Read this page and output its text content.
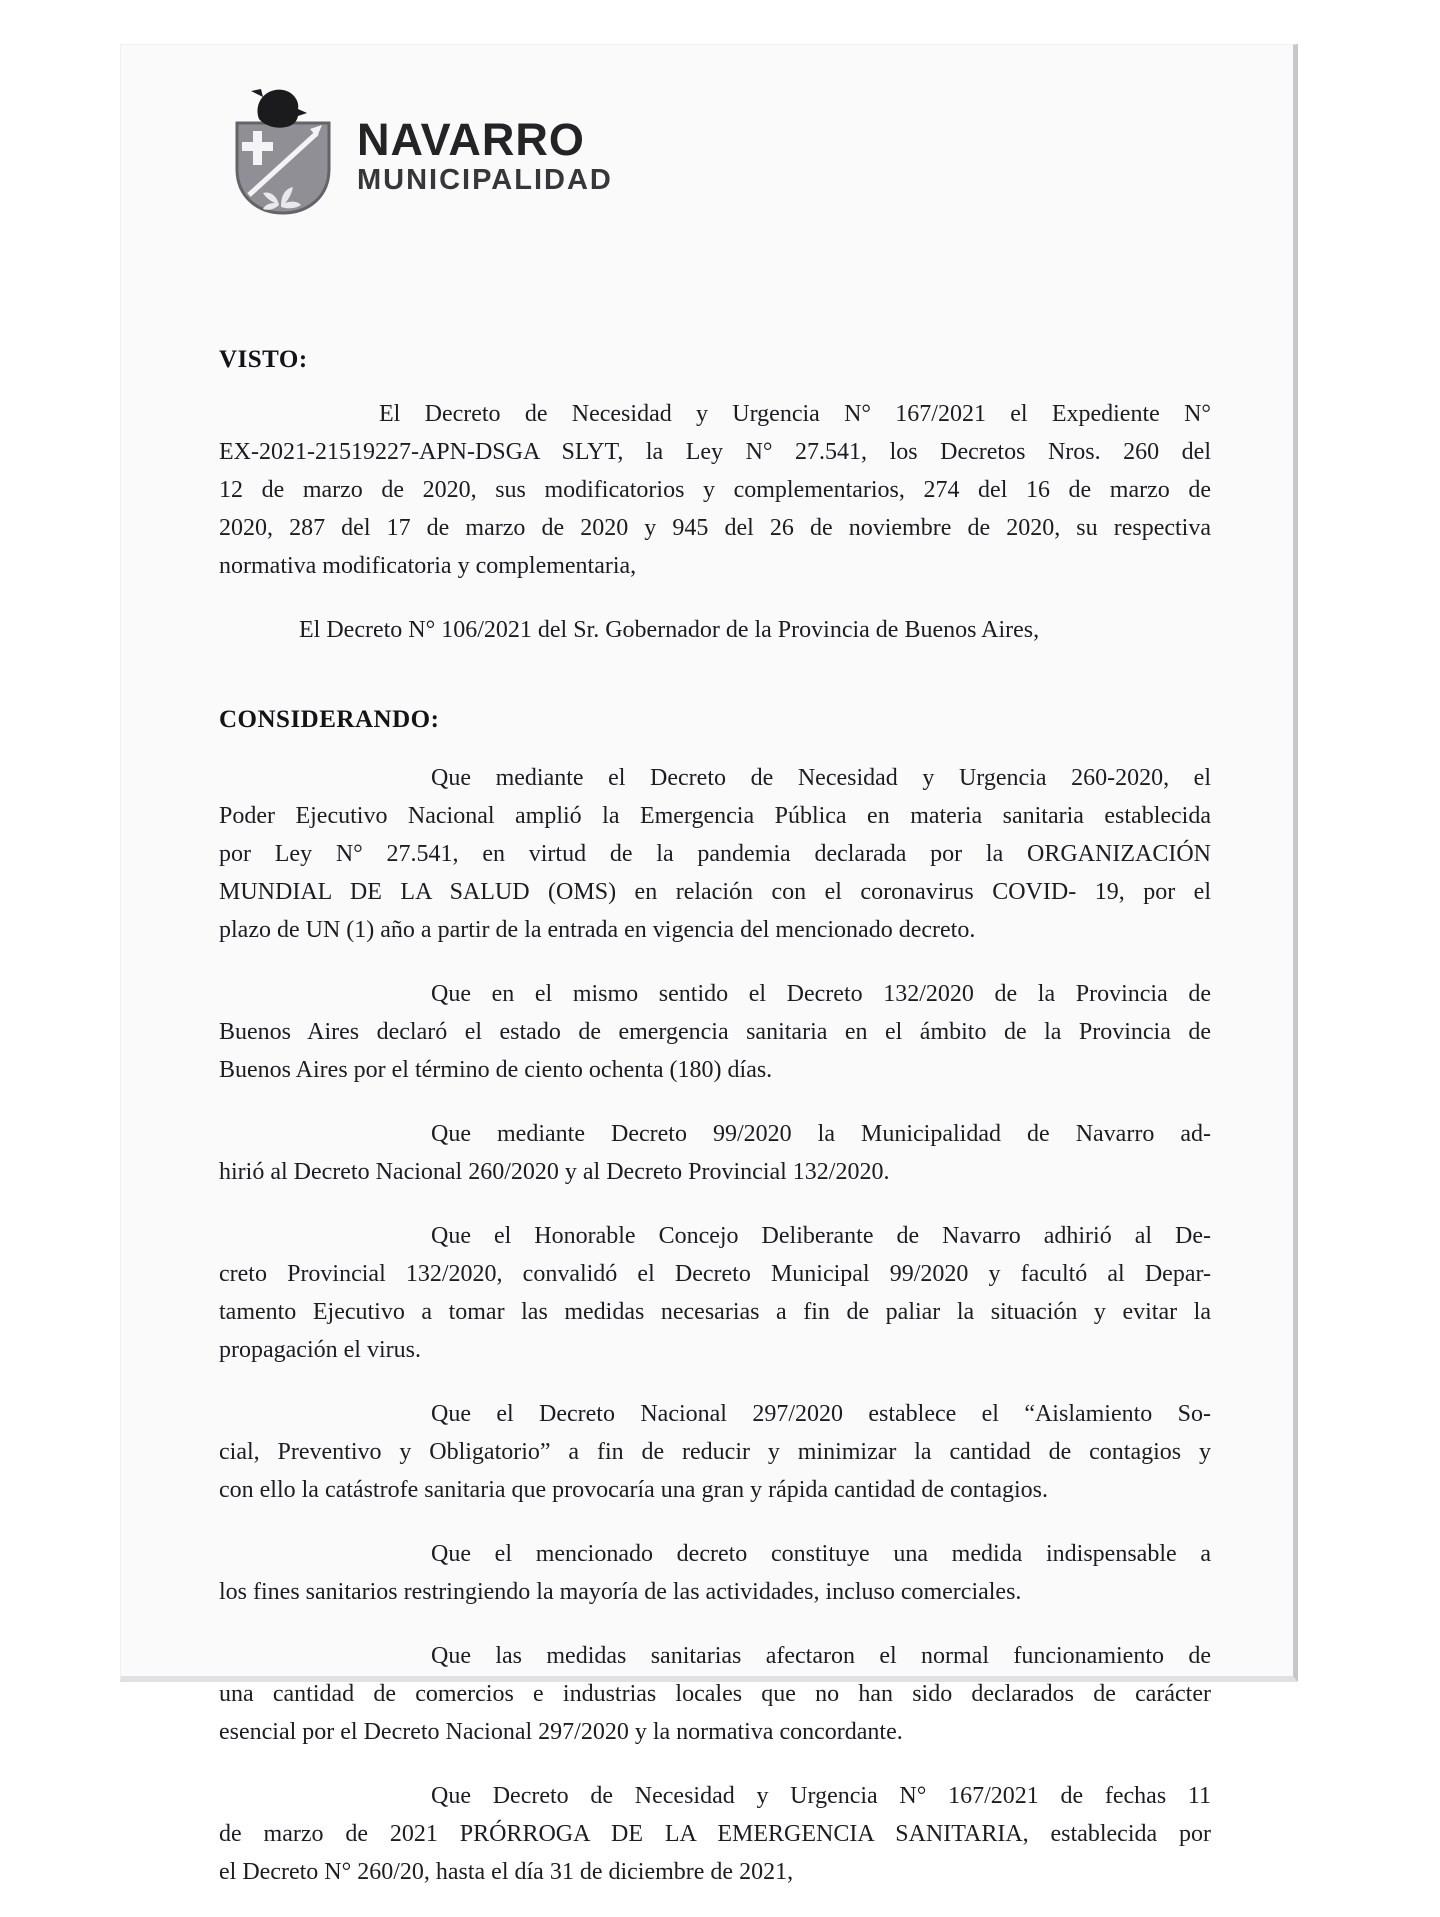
NAVARRO
MUNICIPALIDAD
VISTO:
El Decreto de Necesidad y Urgencia N° 167/2021 el Expediente N°
EX-2021-21519227-APN-DSGA SLYT, la Ley N° 27.541, los Decretos Nros. 260 del
12 de marzo de 2020, sus modificatorios y complementarios, 274 del 16 de marzo de
2020, 287 del 17 de marzo de 2020 y 945 del 26 de noviembre de 2020, su respectiva
normativa modificatoria y complementaria,
El Decreto N° 106/2021 del Sr. Gobernador de la Provincia de Buenos Aires,
CONSIDERANDO:
Que mediante el Decreto de Necesidad y Urgencia 260-2020, el
Poder Ejecutivo Nacional amplió la Emergencia Pública en materia sanitaria establecida
por Ley N° 27.541, en virtud de la pandemia declarada por la ORGANIZACIÓN
MUNDIAL DE LA SALUD (OMS) en relación con el coronavirus COVID- 19, por el
plazo de UN (1) año a partir de la entrada en vigencia del mencionado decreto.
Que en el mismo sentido el Decreto 132/2020 de la Provincia de
Buenos Aires declaró el estado de emergencia sanitaria en el ámbito de la Provincia de
Buenos Aires por el término de ciento ochenta (180) días.
Que mediante Decreto 99/2020 la Municipalidad de Navarro ad-
hirió al Decreto Nacional 260/2020 y al Decreto Provincial 132/2020.
Que el Honorable Concejo Deliberante de Navarro adhirió al De-
creto Provincial 132/2020, convalidó el Decreto Municipal 99/2020 y facultó al Depar-
tamento Ejecutivo a tomar las medidas necesarias a fin de paliar la situación y evitar la
propagación el virus.
Que el Decreto Nacional 297/2020 establece el “Aislamiento So-
cial, Preventivo y Obligatorio” a fin de reducir y minimizar la cantidad de contagios y
con ello la catástrofe sanitaria que provocaría una gran y rápida cantidad de contagios.
Que el mencionado decreto constituye una medida indispensable a
los fines sanitarios restringiendo la mayoría de las actividades, incluso comerciales.
Que las medidas sanitarias afectaron el normal funcionamiento de
una cantidad de comercios e industrias locales que no han sido declarados de carácter
esencial por el Decreto Nacional 297/2020 y la normativa concordante.
Que Decreto de Necesidad y Urgencia N° 167/2021 de fechas 11
de marzo de 2021 PRÓRROGA DE LA EMERGENCIA SANITARIA, establecida por
el Decreto N° 260/20, hasta el día 31 de diciembre de 2021,
